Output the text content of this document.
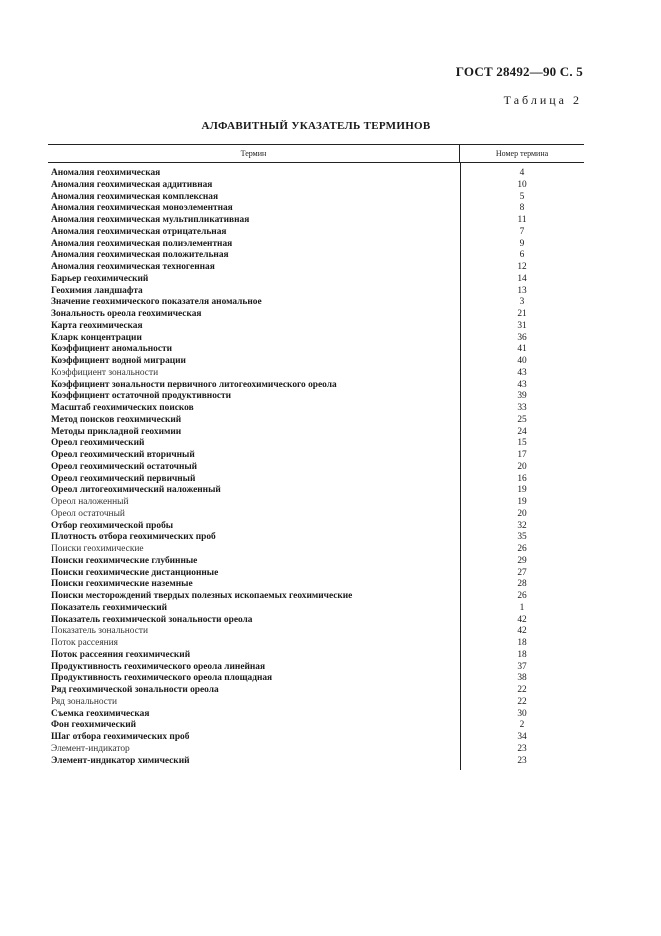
ГОСТ 28492—90 С. 5
Таблица 2
АЛФАВИТНЫЙ УКАЗАТЕЛЬ ТЕРМИНОВ
Термин	Номер термина
Аномалия геохимическая	4
Аномалия геохимическая аддитивная	10
Аномалия геохимическая комплексная	5
Аномалия геохимическая моноэлементная	8
Аномалия геохимическая мультипликативная	11
Аномалия геохимическая отрицательная	7
Аномалия геохимическая полиэлементная	9
Аномалия геохимическая положительная	6
Аномалия геохимическая техногенная	12
Барьер геохимический	14
Геохимия ландшафта	13
Значение геохимического показателя аномальное	3
Зональность ореола геохимическая	21
Карта геохимическая	31
Кларк концентрации	36
Коэффициент аномальности	41
Коэффициент водной миграции	40
Коэффициент зональности	43
Коэффициент зональности первичного литогеохимического ореола	43
Коэффициент остаточной продуктивности	39
Масштаб геохимических поисков	33
Метод поисков геохимический	25
Методы прикладной геохимии	24
Ореол геохимический	15
Ореол геохимический вторичный	17
Ореол геохимический остаточный	20
Ореол геохимический первичный	16
Ореол литогеохимический наложенный	19
Ореол наложенный	19
Ореол остаточный	20
Отбор геохимической пробы	32
Плотность отбора геохимических проб	35
Поиски геохимические	26
Поиски геохимические глубинные	29
Поиски геохимические дистанционные	27
Поиски геохимические наземные	28
Поиски месторождений твердых полезных ископаемых геохимические	26
Показатель геохимический	1
Показатель геохимической зональности ореола	42
Показатель зональности	42
Поток рассеяния	18
Поток рассеяния геохимический	18
Продуктивность геохимического ореола линейная	37
Продуктивность геохимического ореола площадная	38
Ряд геохимической зональности ореола	22
Ряд зональности	22
Съемка геохимическая	30
Фон геохимический	2
Шаг отбора геохимических проб	34
Элемент-индикатор	23
Элемент-индикатор химический	23
